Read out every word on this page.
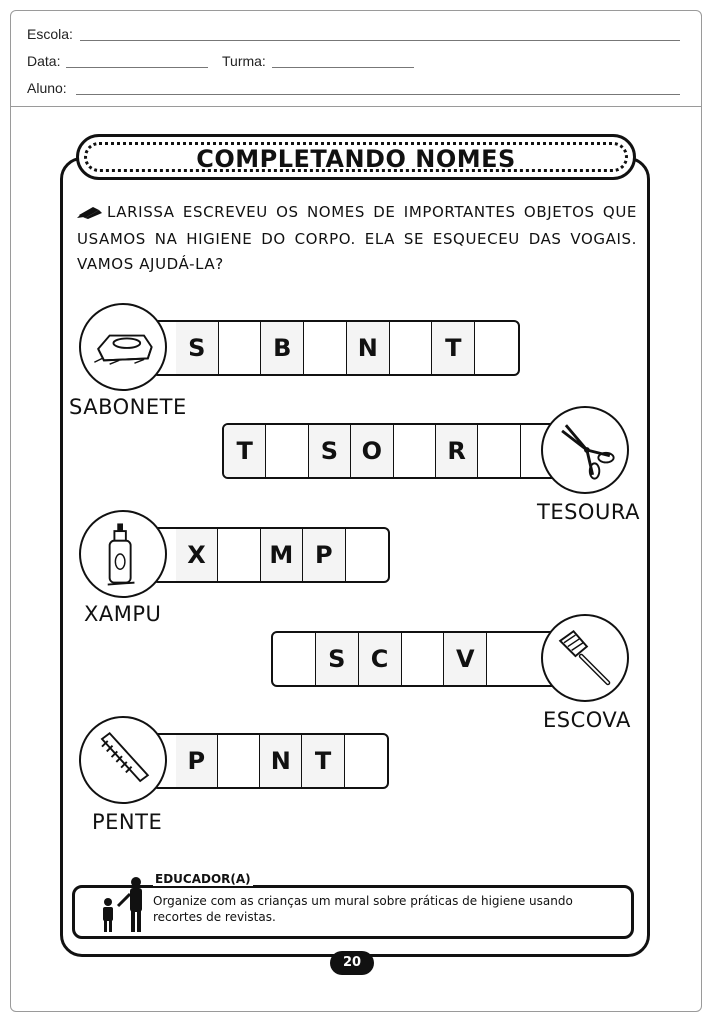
Escola:
Data:	Turma:
Aluno:
COMPLETANDO NOMES
LARISSA ESCREVEU OS NOMES DE IMPORTANTES OBJETOS QUE USAMOS NA HIGIENE DO CORPO. ELA SE ESQUECEU DAS VOGAIS. VAMOS AJUDÁ-LA?
S	B	N	T
SABONETE
T	S O	R
TESOURA
X	M P
XAMPU
S	C	V
ESCOVA
P	N	T
PENTE
EDUCADOR(A)
Organize com as crianças um mural sobre práticas de higiene usando recortes de revistas.
20
